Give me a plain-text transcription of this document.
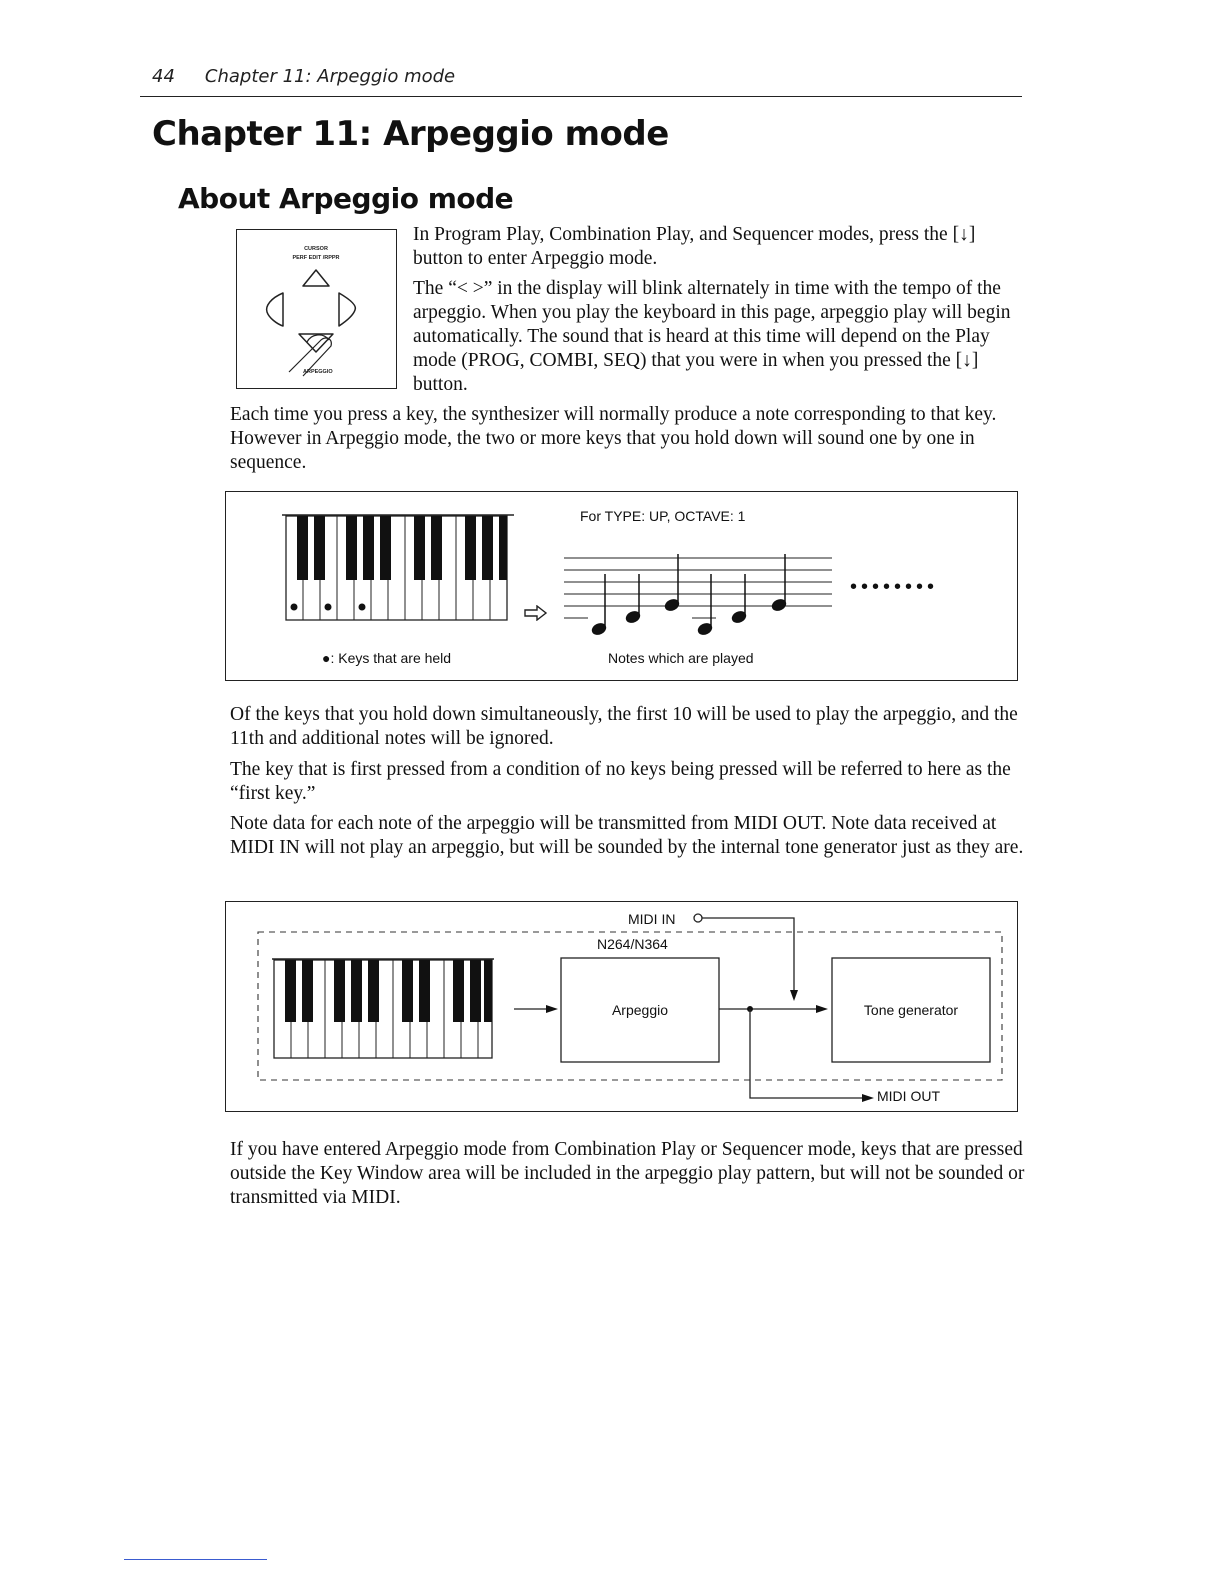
44 Chapter 11: Arpeggio mode
Chapter 11: Arpeggio mode
About Arpeggio mode
CURSOR
PERF EDIT /RPPR
ARPEGGIO

In Program Play, Combination Play, and Sequencer modes, press the [↓] button to enter Arpeggio mode.

The “< >” in the display will blink alternately in time with the tempo of the arpeggio. When you play the keyboard in this page, arpeggio play will begin automatically. The sound that is heard at this time will depend on the Play mode (PROG, COMBI, SEQ) that you were in when you pressed the [↓] button.

Each time you press a key, the synthesizer will normally produce a note corresponding to that key. However in Arpeggio mode, the two or more keys that you hold down will sound one by one in sequence.

For TYPE: UP, OCTAVE: 1
••••••••
●: Keys that are held	Notes which are played

Of the keys that you hold down simultaneously, the first 10 will be used to play the arpeggio, and the 11th and additional notes will be ignored.

The key that is first pressed from a condition of no keys being pressed will be referred to here as the “first key.”

Note data for each note of the arpeggio will be transmitted from MIDI OUT. Note data received at MIDI IN will not play an arpeggio, but will be sounded by the internal tone generator just as they are.

MIDI IN
N264/N364
Arpeggio	Tone generator
MIDI OUT

If you have entered Arpeggio mode from Combination Play or Sequencer mode, keys that are pressed outside the Key Window area will be included in the arpeggio play pattern, but will not be sounded or transmitted via MIDI.
